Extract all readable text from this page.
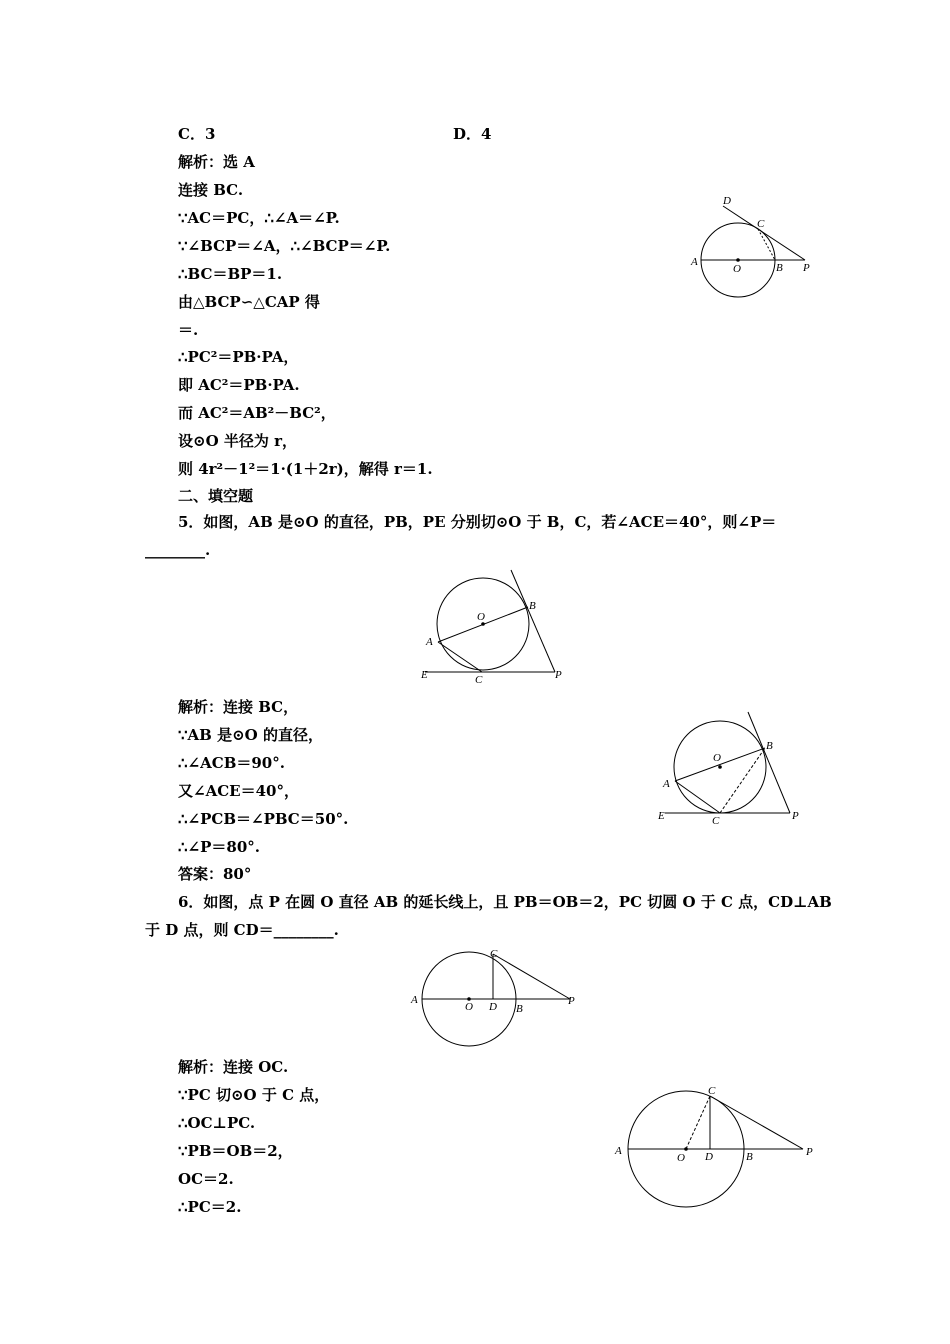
C．3	D．4
解析：选 A
连接 BC.
∵AC＝PC，∴∠A＝∠P.
∵∠BCP＝∠A，∴∠BCP＝∠P.
∴BC＝BP＝1.
由△BCP∽△CAP 得
＝.
∴PC²＝PB·PA，
即 AC²＝PB·PA.
而 AC²＝AB²－BC²，
设⊙O 半径为 r，
则 4r²－1²＝1·(1＋2r)，解得 r＝1.
D
C
A
O	B P
二、填空题
5．如图，AB 是⊙O 的直径，PB，PE 分别切⊙O 于 B，C，若∠ACE＝40°，则∠P＝
________.
O
B
A
E	C	P
解析：连接 BC，
∵AB 是⊙O 的直径，
∴∠ACB＝90°.
又∠ACE＝40°，
∴∠PCB＝∠PBC＝50°.
∴∠P＝80°.
答案：80°
O
B
A
E	C	P
6．如图，点 P 在圆 O 直径 AB 的延长线上，且 PB＝OB＝2，PC 切圆 O 于 C 点，CD⊥AB
于 D 点，则 CD＝________.
C
A
O D B
P
解析：连接 OC.
∵PC 切⊙O 于 C 点，
∴OC⊥PC.
∵PB＝OB＝2，
OC＝2.
∴PC＝2.
C
A
O D	B	P
